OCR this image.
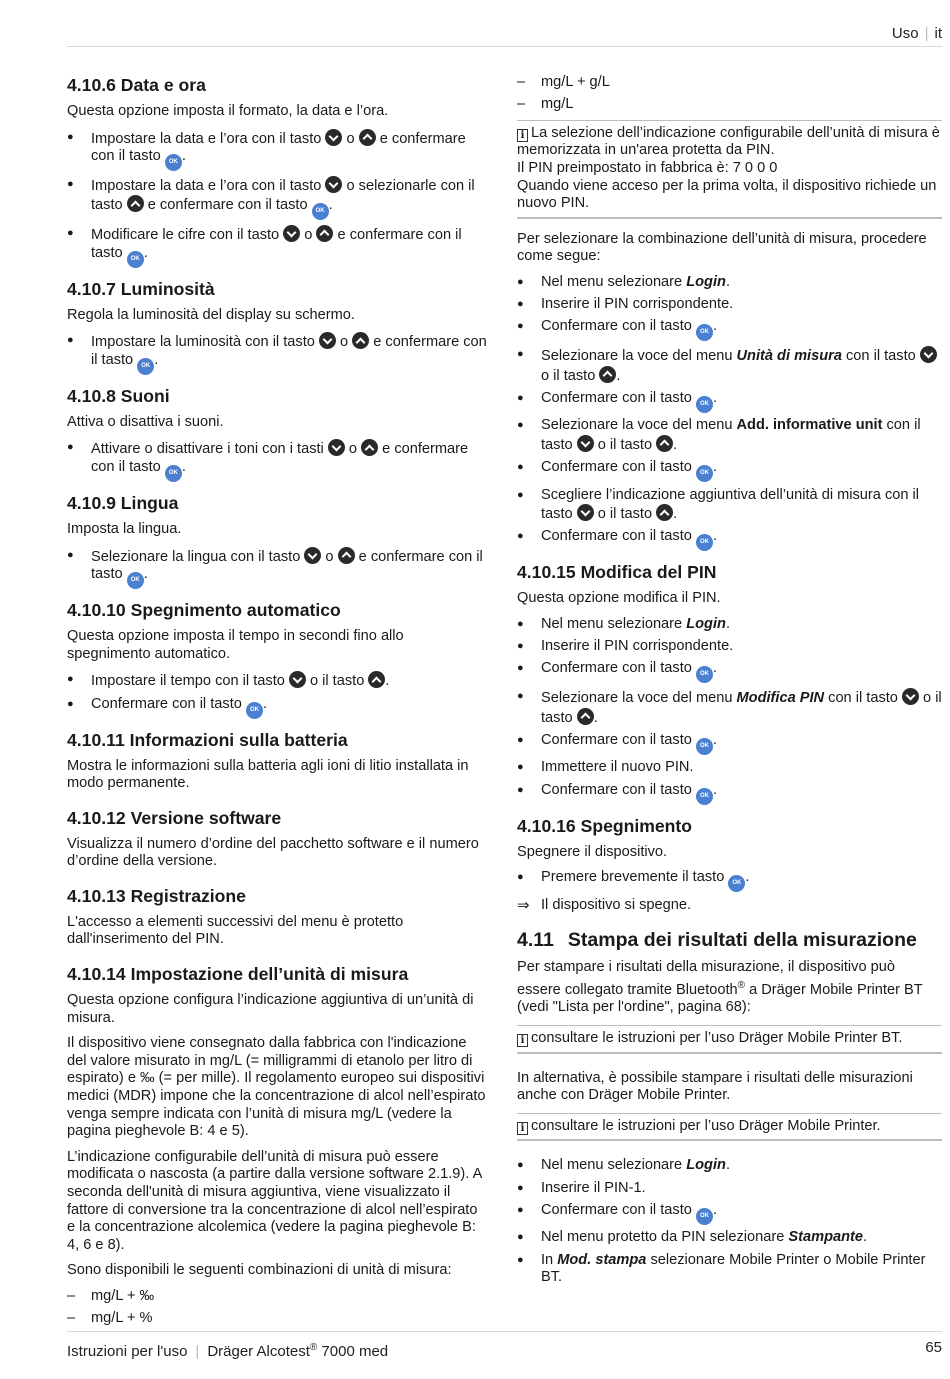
Uso | it
4.10.6 Data e ora

Questa opzione imposta il formato, la data e l’ora.

● Impostare la data e l’ora con il tasto  o  e confermare con il tasto OK .
● Impostare la data e l’ora con il tasto  o selezionarle con il tasto  e confermare con il tasto OK .
● Modificare le cifre con il tasto  o  e confermare con il tasto OK .
4.10.7 Luminosità

Regola la luminosità del display su schermo.

● Impostare la luminosità con il tasto  o  e confermare con il tasto OK .
4.10.8 Suoni

Attiva o disattiva i suoni.

● Attivare o disattivare i toni con i tasti  o  e confermare con il tasto OK .
4.10.9 Lingua

Imposta la lingua.

● Selezionare la lingua con il tasto  o  e confermare con il tasto OK .
4.10.10 Spegnimento automatico

Questa opzione imposta il tempo in secondi fino allo spegnimento automatico.

● Impostare il tempo con il tasto  o il tasto .
● Confermare con il tasto OK .
4.10.11 Informazioni sulla batteria

Mostra le informazioni sulla batteria agli ioni di litio installata in modo permanente.

4.10.12 Versione software

Visualizza il numero d’ordine del pacchetto software e il numero d’ordine della versione.

4.10.13 Registrazione

L'accesso a elementi successivi del menu è protetto dall'inserimento del PIN.

4.10.14 Impostazione dell’unità di misura

Questa opzione configura l’indicazione aggiuntiva di un’unità di misura.

Il dispositivo viene consegnato dalla fabbrica con l'indicazione del valore misurato in mg/L (= milligrammi di etanolo per litro di espirato) e ‰ (= per mille). Il regolamento europeo sui dispositivi medici (MDR) impone che la concentrazione di alcol nell’espirato venga sempre indicata con l’unità di misura mg/L (vedere la pagina pieghevole B: 4 e 5).

L’indicazione configurabile dell’unità di misura può essere modificata o nascosta (a partire dalla versione software 2.1.9). A seconda dell'unità di misura aggiuntiva, viene visualizzato il fattore di conversione tra la concentrazione di alcol nell’espirato e la concentrazione alcolemica (vedere la pagina pieghevole B: 4, 6 e 8).

Sono disponibili le seguenti combinazioni di unità di misura:

– mg/L + ‰
– mg/L + %
– mg/L + g/L
– mg/L
i La selezione dell’indicazione configurabile dell’unità di misura è memorizzata in un'area protetta da PIN.
Il PIN preimpostato in fabbrica è: 7 0 0 0
Quando viene acceso per la prima volta, il dispositivo richiede un nuovo PIN.

Per selezionare la combinazione dell’unità di misura, procedere come segue:

● Nel menu selezionare Login.
● Inserire il PIN corrispondente.
● Confermare con il tasto OK .
● Selezionare la voce del menu Unità di misura con il tasto  o il tasto .
● Confermare con il tasto OK .
● Selezionare la voce del menu Add. informative unit con il tasto  o il tasto .
● Confermare con il tasto OK .
● Scegliere l’indicazione aggiuntiva dell’unità di misura con il tasto  o il tasto .
● Confermare con il tasto OK .
4.10.15 Modifica del PIN

Questa opzione modifica il PIN.

● Nel menu selezionare Login.
● Inserire il PIN corrispondente.
● Confermare con il tasto OK .
● Selezionare la voce del menu Modifica PIN con il tasto  o il tasto .
● Confermare con il tasto OK .
● Immettere il nuovo PIN.
● Confermare con il tasto OK .
4.10.16 Spegnimento

Spegnere il dispositivo.

● Premere brevemente il tasto OK .
⇒ Il dispositivo si spegne.
4.11 Stampa dei risultati della misurazione

Per stampare i risultati della misurazione, il dispositivo può essere collegato tramite Bluetooth® a Dräger Mobile Printer BT (vedi "Lista per l'ordine", pagina 68):

i consultare le istruzioni per l’uso Dräger Mobile Printer BT.

In alternativa, è possibile stampare i risultati delle misurazioni anche con Dräger Mobile Printer.

i consultare le istruzioni per l’uso Dräger Mobile Printer.
● Nel menu selezionare Login.
● Inserire il PIN-1.
● Confermare con il tasto OK .
● Nel menu protetto da PIN selezionare Stampante.
● In Mod. stampa selezionare Mobile Printer o Mobile Printer BT.
Istruzioni per l'uso | Dräger Alcotest® 7000 med	65
